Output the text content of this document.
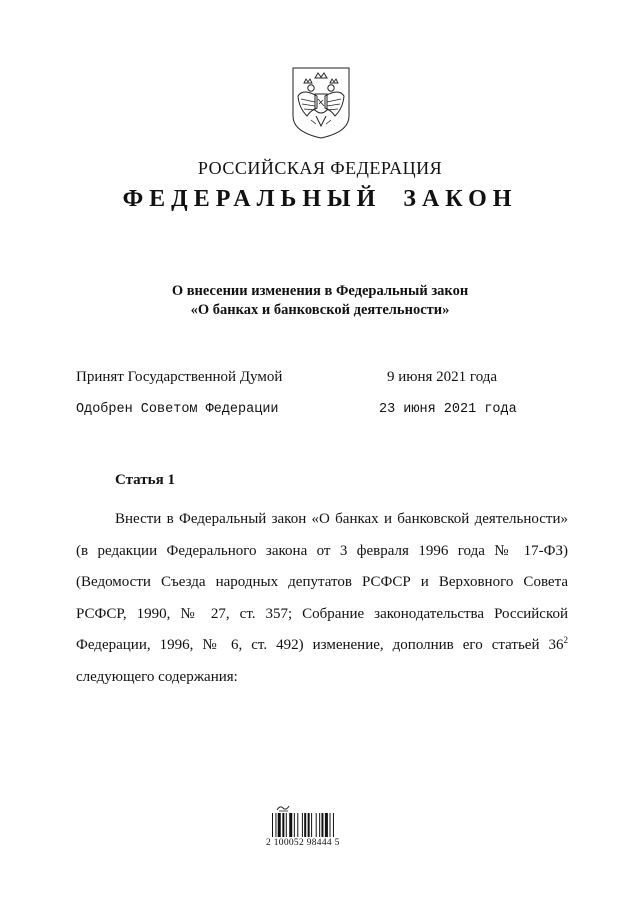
РОССИЙСКАЯ ФЕДЕРАЦИЯ
ФЕДЕРАЛЬНЫЙ ЗАКОН
О внесении изменения в Федеральный закон
«О банках и банковской деятельности»
Принят Государственной Думой	9 июня 2021 года
Одобрен Советом Федерации	23 июня 2021 года
Статья 1
Внести в Федеральный закон «О банках и банковской деятельности»
(в редакции Федерального закона от 3 февраля 1996 года № 17-ФЗ)
(Ведомости Съезда народных депутатов РСФСР и Верховного Совета
РСФСР, 1990, № 27, ст. 357; Собрание законодательства Российской
Федерации, 1996, № 6, ст. 492) изменение, дополнив его статьей $36^2$
следующего содержания:
2 100052 98444 5
